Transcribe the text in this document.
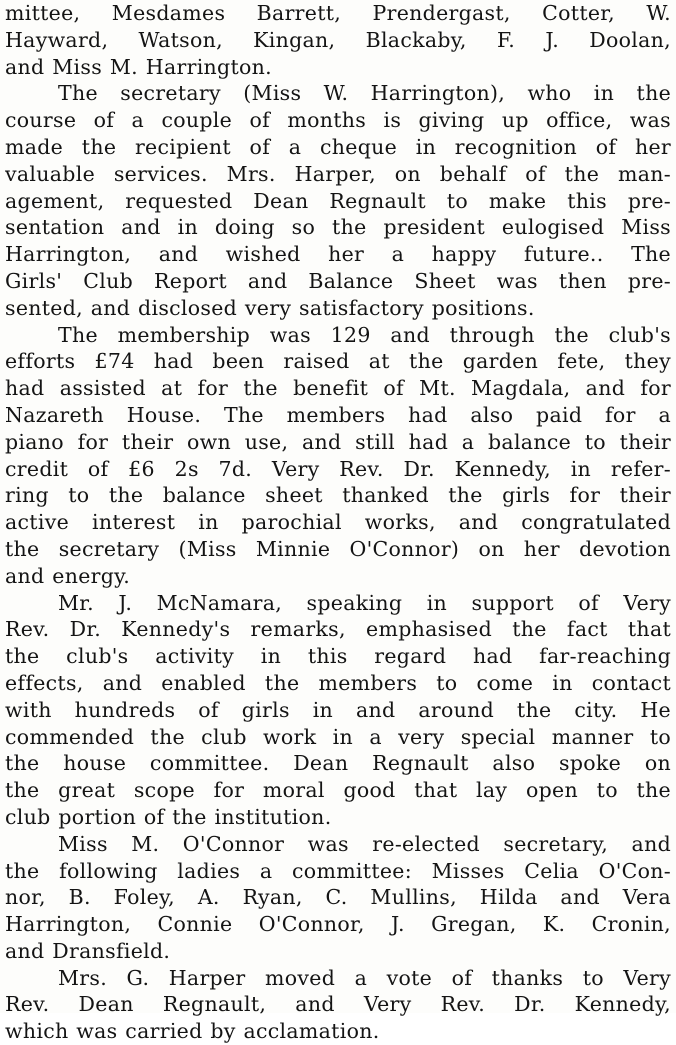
mittee, Mesdames Barrett, Prendergast, Cotter, W.
Hayward, Watson, Kingan, Blackaby, F. J. Doolan,
and Miss M. Harrington.
The secretary (Miss W. Harrington), who in the
course of a couple of months is giving up office, was
made the recipient of a cheque in recognition of her
valuable services. Mrs. Harper, on behalf of the man-
agement, requested Dean Regnault to make this pre-
sentation and in doing so the president eulogised Miss
Harrington, and wished her a happy future.. The
Girls' Club Report and Balance Sheet was then pre-
sented, and disclosed very satisfactory positions.
The membership was 129 and through the club's
efforts £74 had been raised at the garden fete, they
had assisted at for the benefit of Mt. Magdala, and for
Nazareth House. The members had also paid for a
piano for their own use, and still had a balance to their
credit of £6 2s 7d. Very Rev. Dr. Kennedy, in refer-
ring to the balance sheet thanked the girls for their
active interest in parochial works, and congratulated
the secretary (Miss Minnie O'Connor) on her devotion
and energy.
Mr. J. McNamara, speaking in support of Very
Rev. Dr. Kennedy's remarks, emphasised the fact that
the club's activity in this regard had far-reaching
effects, and enabled the members to come in contact
with hundreds of girls in and around the city. He
commended the club work in a very special manner to
the house committee. Dean Regnault also spoke on
the great scope for moral good that lay open to the
club portion of the institution.
Miss M. O'Connor was re-elected secretary, and
the following ladies a committee: Misses Celia O'Con-
nor, B. Foley, A. Ryan, C. Mullins, Hilda and Vera
Harrington, Connie O'Connor, J. Gregan, K. Cronin,
and Dransfield.
Mrs. G. Harper moved a vote of thanks to Very
Rev. Dean Regnault, and Very Rev. Dr. Kennedy,
which was carried by acclamation.
